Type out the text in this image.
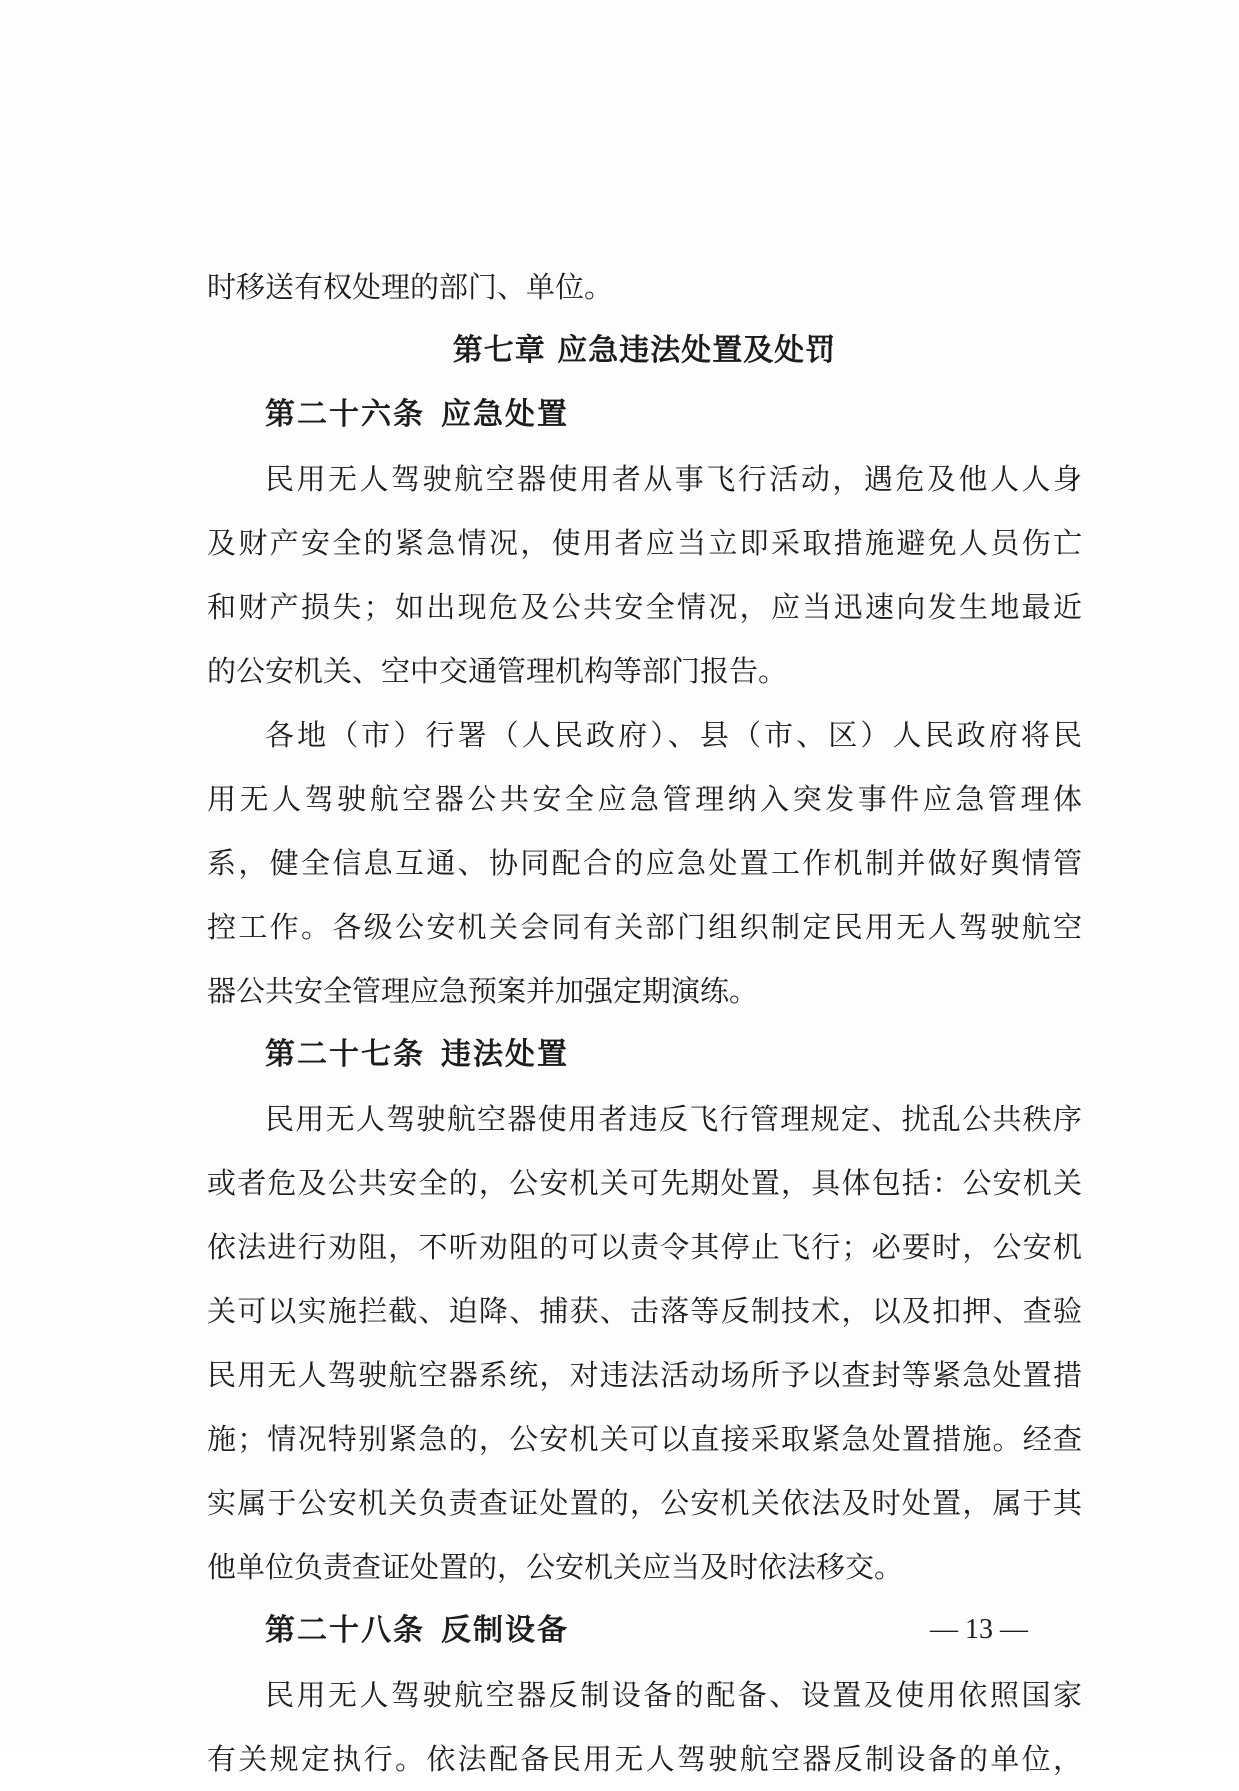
时移送有权处理的部门、单位。
第七章 应急违法处置及处罚
第二十六条 应急处置
民用无人驾驶航空器使用者从事飞行活动，遇危及他人人身
及财产安全的紧急情况，使用者应当立即采取措施避免人员伤亡
和财产损失；如出现危及公共安全情况，应当迅速向发生地最近
的公安机关、空中交通管理机构等部门报告。
各地（市）行署（人民政府）、县（市、区）人民政府将民
用无人驾驶航空器公共安全应急管理纳入突发事件应急管理体
系，健全信息互通、协同配合的应急处置工作机制并做好舆情管
控工作。各级公安机关会同有关部门组织制定民用无人驾驶航空
器公共安全管理应急预案并加强定期演练。
第二十七条 违法处置
民用无人驾驶航空器使用者违反飞行管理规定、扰乱公共秩序
或者危及公共安全的，公安机关可先期处置，具体包括：公安机关
依法进行劝阻，不听劝阻的可以责令其停止飞行；必要时，公安机
关可以实施拦截、迫降、捕获、击落等反制技术，以及扣押、查验
民用无人驾驶航空器系统，对违法活动场所予以查封等紧急处置措
施；情况特别紧急的，公安机关可以直接采取紧急处置措施。经查
实属于公安机关负责查证处置的，公安机关依法及时处置，属于其
他单位负责查证处置的，公安机关应当及时依法移交。
第二十八条 反制设备
民用无人驾驶航空器反制设备的配备、设置及使用依照国家
有关规定执行。依法配备民用无人驾驶航空器反制设备的单位，
— 13 —
